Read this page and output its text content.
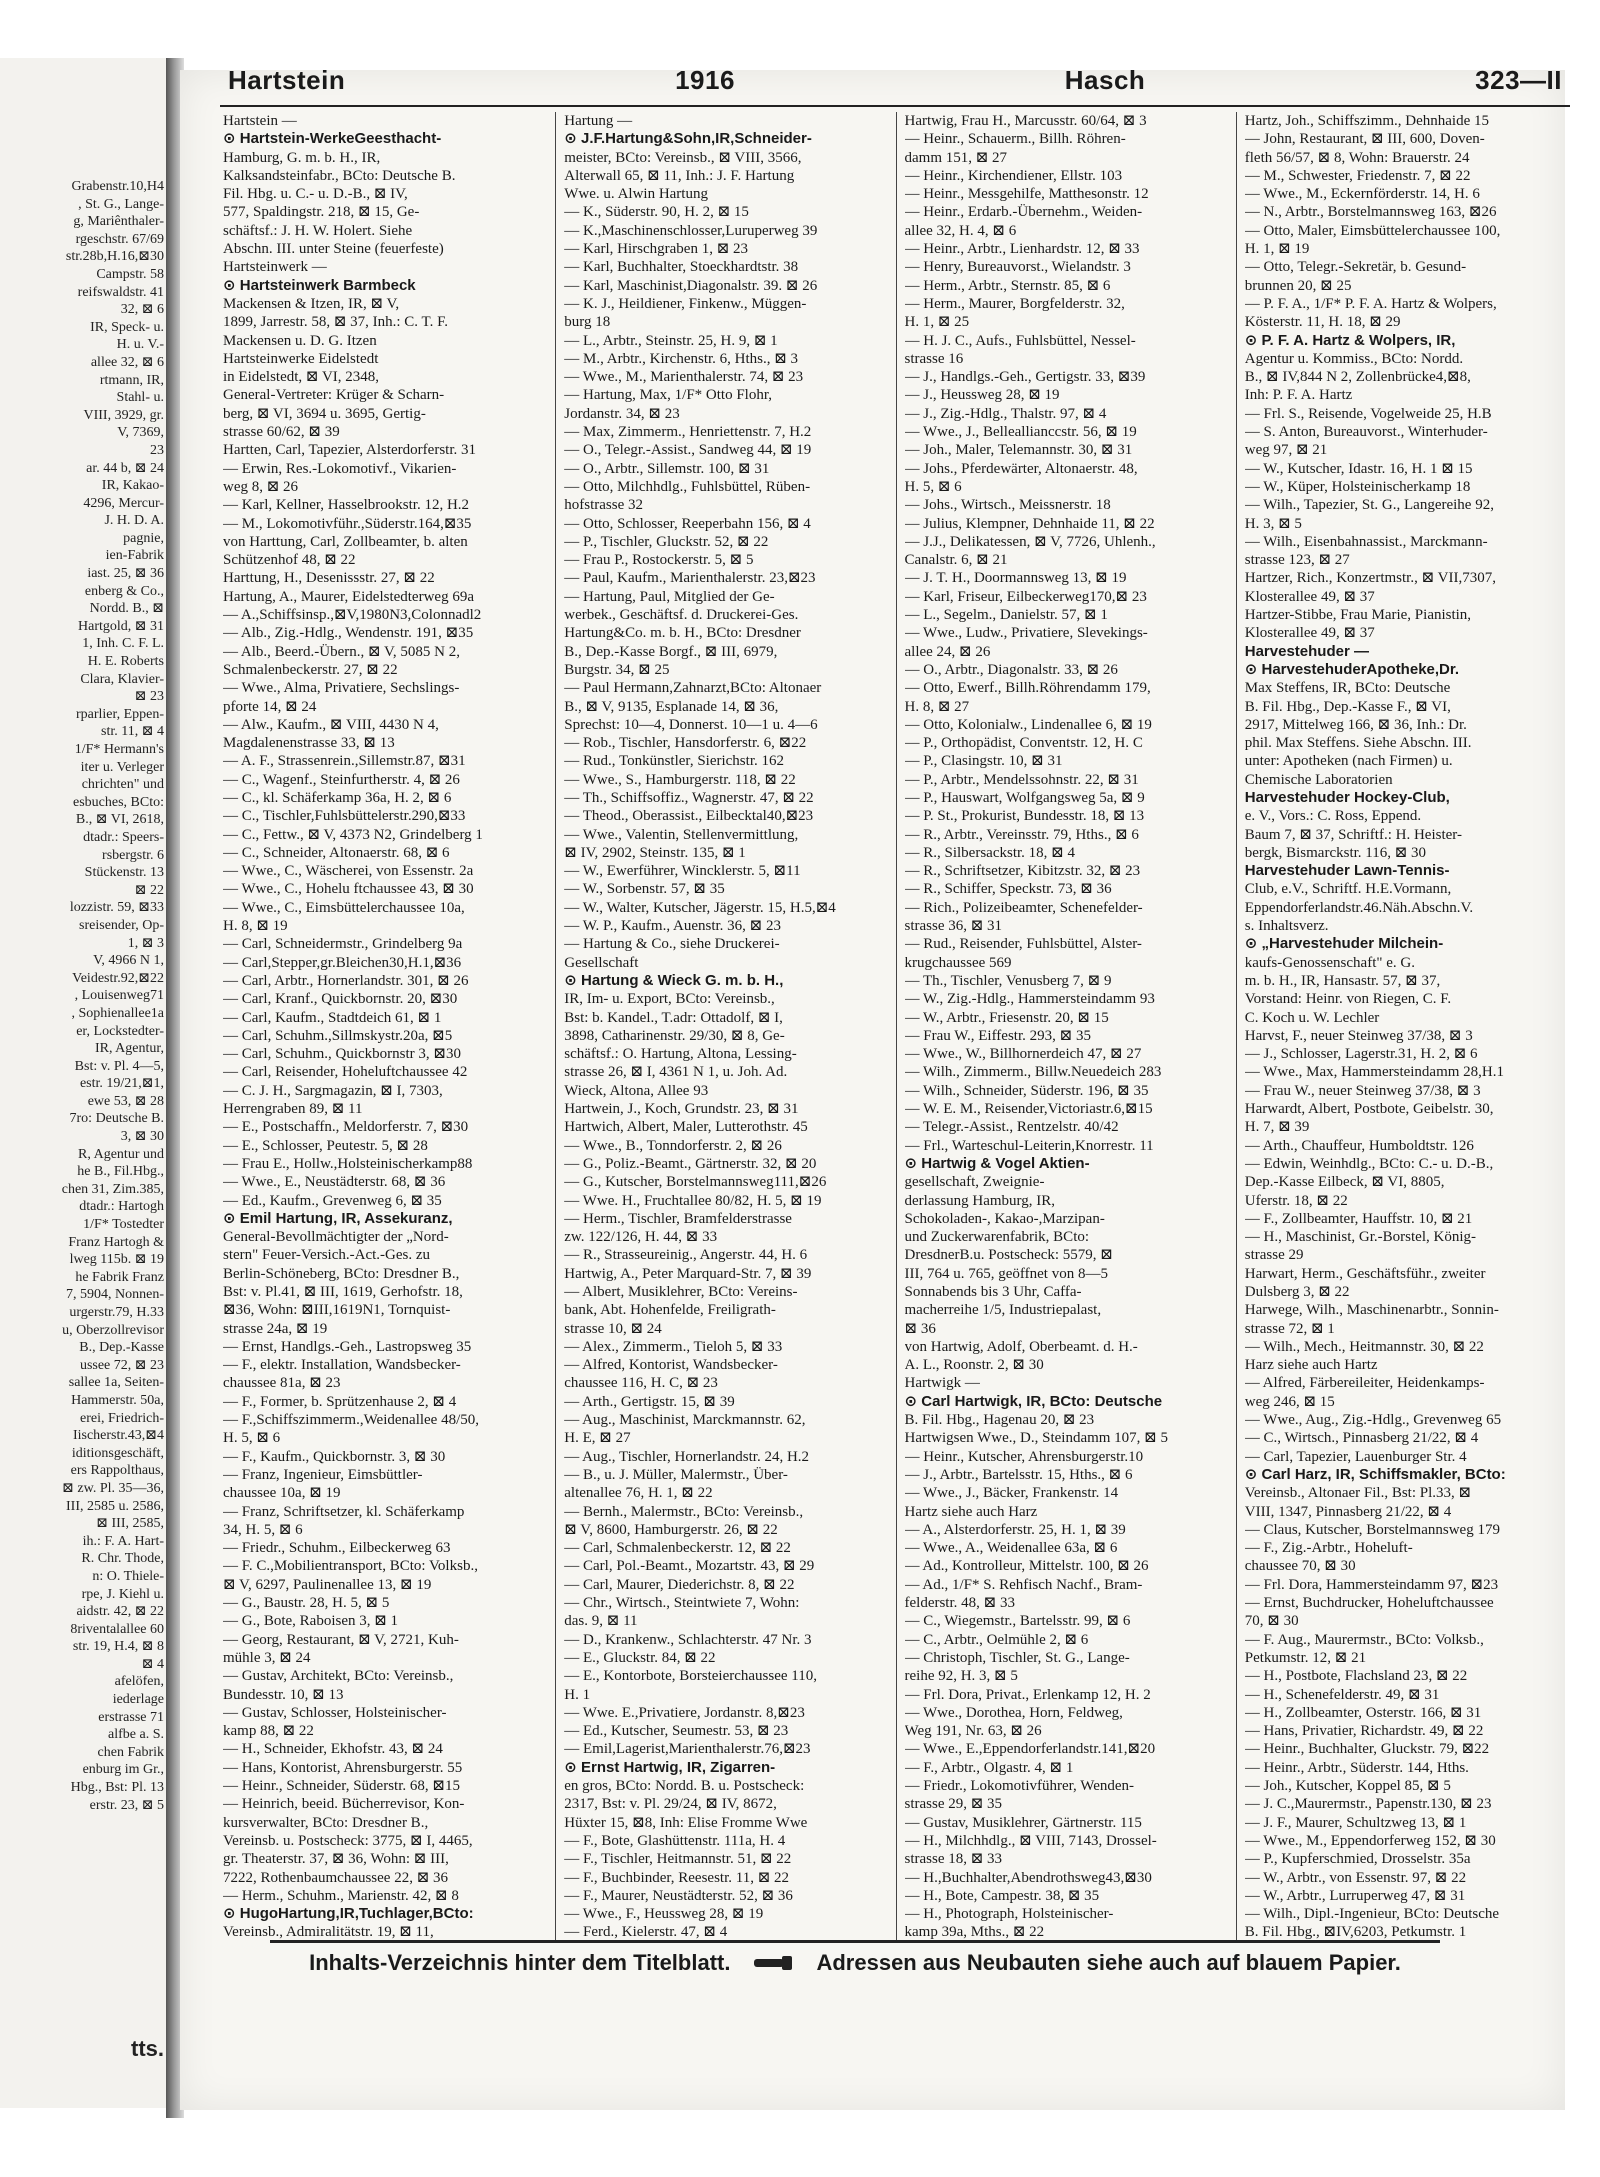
Grabenstr.10,H4
, St. G., Lange-
g, Mariênthaler-
rgeschstr. 67/69
str.28b,H.16,⊠30
Campstr. 58
reifswaldstr. 41
32, ⊠ 6
IR, Speck- u.
H. u. V.-
allee 32, ⊠ 6
rtmann, IR,
Stahl- u.
VIII, 3929, gr.
V, 7369,
23
ar. 44 b, ⊠ 24
IR, Kakao-
4296, Mercur-
J. H. D. A.
pagnie,
ien-Fabrik
iast. 25, ⊠ 36
enberg & Co.,
Nordd. B., ⊠
Hartgold, ⊠ 31
1, Inh. C. F. L.
H. E. Roberts
Clara, Klavier-
⊠ 23
rparlier, Eppen-
str. 11, ⊠ 4
1/F* Hermann's
iter u. Verleger
chrichten" und
esbuches, BCto:
B., ⊠ VI, 2618,
dtadr.: Speers-
rsbergstr. 6
Stückenstr. 13
⊠ 22
lozzistr. 59, ⊠33
sreisender, Op-
1, ⊠ 3
V, 4966 N 1,
Veidestr.92,⊠22
, Louisenweg71
, Sophienallee1a
er, Lockstedter-
IR, Agentur,
Bst: v. Pl. 4—5,
estr. 19/21,⊠1,
ewe 53, ⊠ 28
7ro: Deutsche B.
3, ⊠ 30
R, Agentur und
he B., Fil.Hbg.,
chen 31, Zim.385,
dtadr.: Hartogh
1/F* Tostedter
Franz Hartogh &
lweg 115b. ⊠ 19
he Fabrik Franz
7, 5904, Nonnen-
urgerstr.79, H.33
u, Oberzollrevisor
B., Dep.-Kasse
ussee 72, ⊠ 23
sallee 1a, Seiten-
Hammerstr. 50a,
erei, Friedrich-
Iischerstr.43,⊠4
iditionsgeschäft,
ers Rappolthaus,
⊠ zw. Pl. 35—36,
III, 2585 u. 2586,
⊠ III, 2585,
ih.: F. A. Hart-
R. Chr. Thode,
n: O. Thiele-
rpe, J. Kiehl u.
aidstr. 42, ⊠ 22
8riventalallee 60
str. 19, H.4, ⊠ 8
⊠ 4
afelöfen,
iederlage
erstrasse 71
alfbe a. S.
chen Fabrik
enburg im Gr.,
Hbg., Bst: Pl. 13
erstr. 23, ⊠ 5
tts.
Hartstein	1916	Hasch	323—II

Hartstein —

⊙ Hartstein-WerkeGeesthacht-

Hamburg, G. m. b. H., IR,

Kalksandsteinfabr., BCto: Deutsche B.

Fil. Hbg. u. C.- u. D.-B., ⊠ IV,

577, Spaldingstr. 218, ⊠ 15, Ge-

schäftsf.: J. H. W. Holert. Siehe

Abschn. III. unter Steine (feuerfeste)

Hartsteinwerk —

⊙ Hartsteinwerk Barmbeck

Mackensen & Itzen, IR, ⊠ V,

1899, Jarrestr. 58, ⊠ 37, Inh.: C. T. F.

Mackensen u. D. G. Itzen

Hartsteinwerke Eidelstedt

in Eidelstedt, ⊠ VI, 2348,

General-Vertreter: Krüger & Scharn-

berg, ⊠ VI, 3694 u. 3695, Gertig-

strasse 60/62, ⊠ 39

Hartten, Carl, Tapezier, Alsterdorferstr. 31

— Erwin, Res.-Lokomotivf., Vikarien-

weg 8, ⊠ 26

— Karl, Kellner, Hasselbrookstr. 12, H.2

— M., Lokomotivführ.,Süderstr.164,⊠35

von Harttung, Carl, Zollbeamter, b. alten

Schützenhof 48, ⊠ 22

Harttung, H., Desenissstr. 27, ⊠ 22

Hartung, A., Maurer, Eidelstedterweg 69a

— A.,Schiffsinsp.,⊠V,1980N3,Colonnadl2

— Alb., Zig.-Hdlg., Wendenstr. 191, ⊠35

— Alb., Beerd.-Übern., ⊠ V, 5085 N 2,

Schmalenbeckerstr. 27, ⊠ 22

— Wwe., Alma, Privatiere, Sechslings-

pforte 14, ⊠ 24

— Alw., Kaufm., ⊠ VIII, 4430 N 4,

Magdalenenstrasse 33, ⊠ 13

— A. F., Strassenrein.,Sillemstr.87, ⊠31

— C., Wagenf., Steinfurtherstr. 4, ⊠ 26

— C., kl. Schäferkamp 36a, H. 2, ⊠ 6

— C., Tischler,Fuhlsbüttelerstr.290,⊠33

— C., Fettw., ⊠ V, 4373 N2, Grindelberg 1

— C., Schneider, Altonaerstr. 68, ⊠ 6

— Wwe., C., Wäscherei, von Essenstr. 2a

— Wwe., C., Hohelu ftchaussee 43, ⊠ 30

— Wwe., C., Eimsbüttelerchaussee 10a,

H. 8, ⊠ 19

— Carl, Schneidermstr., Grindelberg 9a

— Carl,Stepper,gr.Bleichen30,H.1,⊠36

— Carl, Arbtr., Hornerlandstr. 301, ⊠ 26

— Carl, Kranf., Quickbornstr. 20, ⊠30

— Carl, Kaufm., Stadtdeich 61, ⊠ 1

— Carl, Schuhm.,Sillmskystr.20a, ⊠5

— Carl, Schuhm., Quickbornstr 3, ⊠30

— Carl, Reisender, Hoheluftchaussee 42

— C. J. H., Sargmagazin, ⊠ I, 7303,

Herrengraben 89, ⊠ 11

— E., Postschaffn., Meldorferstr. 7, ⊠30

— E., Schlosser, Peutestr. 5, ⊠ 28

— Frau E., Hollw.,Holsteinischerkamp88

— Wwe., E., Neustädterstr. 68, ⊠ 36

— Ed., Kaufm., Grevenweg 6, ⊠ 35

⊙ Emil Hartung, IR, Assekuranz,

General-Bevollmächtigter der „Nord-

stern" Feuer-Versich.-Act.-Ges. zu

Berlin-Schöneberg, BCto: Dresdner B.,

Bst: v. Pl.41, ⊠ III, 1619, Gerhofstr. 18,

⊠36, Wohn: ⊠III,1619N1, Tornquist-

strasse 24a, ⊠ 19

— Ernst, Handlgs.-Geh., Lastropsweg 35

— F., elektr. Installation, Wandsbecker-

chaussee 81a, ⊠ 23

— F., Former, b. Sprützenhause 2, ⊠ 4

— F.,Schiffszimmerm.,Weidenallee 48/50,

H. 5, ⊠ 6

— F., Kaufm., Quickbornstr. 3, ⊠ 30

— Franz, Ingenieur, Eimsbüttler-

chaussee 10a, ⊠ 19

— Franz, Schriftsetzer, kl. Schäferkamp

34, H. 5, ⊠ 6

— Friedr., Schuhm., Eilbeckerweg 63

— F. C.,Mobilientransport, BCto: Volksb.,

⊠ V, 6297, Paulinenallee 13, ⊠ 19

— G., Baustr. 28, H. 5, ⊠ 5

— G., Bote, Raboisen 3, ⊠ 1

— Georg, Restaurant, ⊠ V, 2721, Kuh-

mühle 3, ⊠ 24

— Gustav, Architekt, BCto: Vereinsb.,

Bundesstr. 10, ⊠ 13

— Gustav, Schlosser, Holsteinischer-

kamp 88, ⊠ 22

— H., Schneider, Ekhofstr. 43, ⊠ 24

— Hans, Kontorist, Ahrensburgerstr. 55

— Heinr., Schneider, Süderstr. 68, ⊠15

— Heinrich, beeid. Bücherrevisor, Kon-

kursverwalter, BCto: Dresdner B.,

Vereinsb. u. Postscheck: 3775, ⊠ I, 4465,

gr. Theaterstr. 37, ⊠ 36, Wohn: ⊠ III,

7222, Rothenbaumchaussee 22, ⊠ 36

— Herm., Schuhm., Marienstr. 42, ⊠ 8

⊙ HugoHartung,IR,Tuchlager,BCto:

Vereinsb., Admiralitätstr. 19, ⊠ 11,

Hartung —

⊙ J.F.Hartung&Sohn,IR,Schneider-

meister, BCto: Vereinsb., ⊠ VIII, 3566,

Alterwall 65, ⊠ 11, Inh.: J. F. Hartung

Wwe. u. Alwin Hartung

— K., Süderstr. 90, H. 2, ⊠ 15

— K.,Maschinenschlosser,Luruperweg 39

— Karl, Hirschgraben 1, ⊠ 23

— Karl, Buchhalter, Stoeckhardtstr. 38

— Karl, Maschinist,Diagonalstr. 39. ⊠ 26

— K. J., Heildiener, Finkenw., Müggen-

burg 18

— L., Arbtr., Steinstr. 25, H. 9, ⊠ 1

— M., Arbtr., Kirchenstr. 6, Hths., ⊠ 3

— Wwe., M., Marienthalerstr. 74, ⊠ 23

— Hartung, Max, 1/F* Otto Flohr,

Jordanstr. 34, ⊠ 23

— Max, Zimmerm., Henriettenstr. 7, H.2

— O., Telegr.-Assist., Sandweg 44, ⊠ 19

— O., Arbtr., Sillemstr. 100, ⊠ 31

— Otto, Milchhdlg., Fuhlsbüttel, Rüben-

hofstrasse 32

— Otto, Schlosser, Reeperbahn 156, ⊠ 4

— P., Tischler, Gluckstr. 52, ⊠ 22

— Frau P., Rostockerstr. 5, ⊠ 5

— Paul, Kaufm., Marienthalerstr. 23,⊠23

— Hartung, Paul, Mitglied der Ge-

werbek., Geschäftsf. d. Druckerei-Ges.

Hartung&Co. m. b. H., BCto: Dresdner

B., Dep.-Kasse Borgf., ⊠ III, 6979,

Burgstr. 34, ⊠ 25

— Paul Hermann,Zahnarzt,BCto: Altonaer

B., ⊠ V, 9135, Esplanade 14, ⊠ 36,

Sprechst: 10—4, Donnerst. 10—1 u. 4—6

— Rob., Tischler, Hansdorferstr. 6, ⊠22

— Rud., Tonkünstler, Sierichstr. 162

— Wwe., S., Hamburgerstr. 118, ⊠ 22

— Th., Schiffsoffiz., Wagnerstr. 47, ⊠ 22

— Theod., Oberassist., Eilbecktal40,⊠23

— Wwe., Valentin, Stellenvermittlung,

⊠ IV, 2902, Steinstr. 135, ⊠ 1

— W., Ewerführer, Wincklerstr. 5, ⊠11

— W., Sorbenstr. 57, ⊠ 35

— W., Walter, Kutscher, Jägerstr. 15, H.5,⊠4

— W. P., Kaufm., Auenstr. 36, ⊠ 23

— Hartung & Co., siehe Druckerei-

Gesellschaft

⊙ Hartung & Wieck G. m. b. H.,

IR, Im- u. Export, BCto: Vereinsb.,

Bst: b. Kandel., T.adr: Ottadolf, ⊠ I,

3898, Catharinenstr. 29/30, ⊠ 8, Ge-

schäftsf.: O. Hartung, Altona, Lessing-

strasse 26, ⊠ I, 4361 N 1, u. Joh. Ad.

Wieck, Altona, Allee 93

Hartwein, J., Koch, Grundstr. 23, ⊠ 31

Hartwich, Albert, Maler, Lutterothstr. 45

— Wwe., B., Tonndorferstr. 2, ⊠ 26

— G., Poliz.-Beamt., Gärtnerstr. 32, ⊠ 20

— G., Kutscher, Borstelmannsweg111,⊠26

— Wwe. H., Fruchtallee 80/82, H. 5, ⊠ 19

— Herm., Tischler, Bramfelderstrasse

zw. 122/126, H. 44, ⊠ 33

— R., Strasseureinig., Angerstr. 44, H. 6

Hartwig, A., Peter Marquard-Str. 7, ⊠ 39

— Albert, Musiklehrer, BCto: Vereins-

bank, Abt. Hohenfelde, Freiligrath-

strasse 10, ⊠ 24

— Alex., Zimmerm., Tieloh 5, ⊠ 33

— Alfred, Kontorist, Wandsbecker-

chaussee 116, H. C, ⊠ 23

— Arth., Gertigstr. 15, ⊠ 39

— Aug., Maschinist, Marckmannstr. 62,

H. E, ⊠ 27

— Aug., Tischler, Hornerlandstr. 24, H.2

— B., u. J. Müller, Malermstr., Über-

altenallee 76, H. 1, ⊠ 22

— Bernh., Malermstr., BCto: Vereinsb.,

⊠ V, 8600, Hamburgerstr. 26, ⊠ 22

— Carl, Schmalenbeckerstr. 12, ⊠ 22

— Carl, Pol.-Beamt., Mozartstr. 43, ⊠ 29

— Carl, Maurer, Diederichstr. 8, ⊠ 22

— Chr., Wirtsch., Steintwiete 7, Wohn:

das. 9, ⊠ 11

— D., Krankenw., Schlachterstr. 47 Nr. 3

— E., Gluckstr. 84, ⊠ 22

— E., Kontorbote, Borsteierchaussee 110,

H. 1

— Wwe. E.,Privatiere, Jordanstr. 8,⊠23

— Ed., Kutscher, Seumestr. 53, ⊠ 23

— Emil,Lagerist,Marienthalerstr.76,⊠23

⊙ Ernst Hartwig, IR, Zigarren-

en gros, BCto: Nordd. B. u. Postscheck:

2317, Bst: v. Pl. 29/24, ⊠ IV, 8672,

Hüxter 15, ⊠8, Inh: Elise Fromme Wwe

— F., Bote, Glashüttenstr. 111a, H. 4

— F., Tischler, Heitmannstr. 51, ⊠ 22

— F., Buchbinder, Reesestr. 11, ⊠ 22

— F., Maurer, Neustädterstr. 52, ⊠ 36

— Wwe., F., Heussweg 28, ⊠ 19

— Ferd., Kielerstr. 47, ⊠ 4

Hartwig, Frau H., Marcusstr. 60/64, ⊠ 3

— Heinr., Schauerm., Billh. Röhren-

damm 151, ⊠ 27

— Heinr., Kirchendiener, Ellstr. 103

— Heinr., Messgehilfe, Matthesonstr. 12

— Heinr., Erdarb.-Übernehm., Weiden-

allee 32, H. 4, ⊠ 6

— Heinr., Arbtr., Lienhardstr. 12, ⊠ 33

— Henry, Bureauvorst., Wielandstr. 3

— Herm., Arbtr., Sternstr. 85, ⊠ 6

— Herm., Maurer, Borgfelderstr. 32,

H. 1, ⊠ 25

— H. J. C., Aufs., Fuhlsbüttel, Nessel-

strasse 16

— J., Handlgs.-Geh., Gertigstr. 33, ⊠39

— J., Heussweg 28, ⊠ 19

— J., Zig.-Hdlg., Thalstr. 97, ⊠ 4

— Wwe., J., Belleallianccstr. 56, ⊠ 19

— Joh., Maler, Telemannstr. 30, ⊠ 31

— Johs., Pferdewärter, Altonaerstr. 48,

H. 5, ⊠ 6

— Johs., Wirtsch., Meissnerstr. 18

— Julius, Klempner, Dehnhaide 11, ⊠ 22

— J.J., Delikatessen, ⊠ V, 7726, Uhlenh.,

Canalstr. 6, ⊠ 21

— J. T. H., Doormannsweg 13, ⊠ 19

— Karl, Friseur, Eilbeckerweg170,⊠ 23

— L., Segelm., Danielstr. 57, ⊠ 1

— Wwe., Ludw., Privatiere, Slevekings-

allee 24, ⊠ 26

— O., Arbtr., Diagonalstr. 33, ⊠ 26

— Otto, Ewerf., Billh.Röhrendamm 179,

H. 8, ⊠ 27

— Otto, Kolonialw., Lindenallee 6, ⊠ 19

— P., Orthopädist, Conventstr. 12, H. C

— P., Clasingstr. 10, ⊠ 31

— P., Arbtr., Mendelssohnstr. 22, ⊠ 31

— P., Hauswart, Wolfgangsweg 5a, ⊠ 9

— P. St., Prokurist, Bundesstr. 18, ⊠ 13

— R., Arbtr., Vereinsstr. 79, Hths., ⊠ 6

— R., Silbersackstr. 18, ⊠ 4

— R., Schriftsetzer, Kibitzstr. 32, ⊠ 23

— R., Schiffer, Speckstr. 73, ⊠ 36

— Rich., Polizeibeamter, Schenefelder-

strasse 36, ⊠ 31

— Rud., Reisender, Fuhlsbüttel, Alster-

krugchaussee 569

— Th., Tischler, Venusberg 7, ⊠ 9

— W., Zig.-Hdlg., Hammersteindamm 93

— W., Arbtr., Friesenstr. 20, ⊠ 15

— Frau W., Eiffestr. 293, ⊠ 35

— Wwe., W., Billhornerdeich 47, ⊠ 27

— Wilh., Zimmerm., Billw.Neuedeich 283

— Wilh., Schneider, Süderstr. 196, ⊠ 35

— W. E. M., Reisender,Victoriastr.6,⊠15

— Telegr.-Assist., Rentzelstr. 40/42

— Frl., Warteschul-Leiterin,Knorrestr. 11

⊙ Hartwig & Vogel Aktien-

gesellschaft, Zweignie-

derlassung Hamburg, IR,

Schokoladen-, Kakao-,Marzipan-

und Zuckerwarenfabrik, BCto:

DresdnerB.u. Postscheck: 5579, ⊠

III, 764 u. 765, geöffnet von 8—5

Sonnabends bis 3 Uhr, Caffa-

macherreihe 1/5, Industriepalast,

⊠ 36

von Hartwig, Adolf, Oberbeamt. d. H.-

A. L., Roonstr. 2, ⊠ 30

Hartwigk —

⊙ Carl Hartwigk, IR, BCto: Deutsche

B. Fil. Hbg., Hagenau 20, ⊠ 23

Hartwigsen Wwe., D., Steindamm 107, ⊠ 5

— Heinr., Kutscher, Ahrensburgerstr.10

— J., Arbtr., Bartelsstr. 15, Hths., ⊠ 6

— Wwe., J., Bäcker, Frankenstr. 14

Hartz siehe auch Harz

— A., Alsterdorferstr. 25, H. 1, ⊠ 39

— Wwe., A., Weidenallee 63a, ⊠ 6

— Ad., Kontrolleur, Mittelstr. 100, ⊠ 26

— Ad., 1/F* S. Rehfisch Nachf., Bram-

felderstr. 48, ⊠ 33

— C., Wiegemstr., Bartelsstr. 99, ⊠ 6

— C., Arbtr., Oelmühle 2, ⊠ 6

— Christoph, Tischler, St. G., Lange-

reihe 92, H. 3, ⊠ 5

— Frl. Dora, Privat., Erlenkamp 12, H. 2

— Wwe., Dorothea, Horn, Feldweg,

Weg 191, Nr. 63, ⊠ 26

— Wwe., E.,Eppendorferlandstr.141,⊠20

— F., Arbtr., Olgastr. 4, ⊠ 1

— Friedr., Lokomotivführer, Wenden-

strasse 29, ⊠ 35

— Gustav, Musiklehrer, Gärtnerstr. 115

— H., Milchhdlg., ⊠ VIII, 7143, Drossel-

strasse 18, ⊠ 33

— H.,Buchhalter,Abendrothsweg43,⊠30

— H., Bote, Campestr. 38, ⊠ 35

— H., Photograph, Holsteinischer-

kamp 39a, Mths., ⊠ 22

Hartz, Joh., Schiffszimm., Dehnhaide 15

— John, Restaurant, ⊠ III, 600, Doven-

fleth 56/57, ⊠ 8, Wohn: Brauerstr. 24

— M., Schwester, Friedenstr. 7, ⊠ 22

— Wwe., M., Eckernförderstr. 14, H. 6

— N., Arbtr., Borstelmannsweg 163, ⊠26

— Otto, Maler, Eimsbüttelerchaussee 100,

H. 1, ⊠ 19

— Otto, Telegr.-Sekretär, b. Gesund-

brunnen 20, ⊠ 25

— P. F. A., 1/F* P. F. A. Hartz & Wolpers,

Kösterstr. 11, H. 18, ⊠ 29

⊙ P. F. A. Hartz & Wolpers, IR,

Agentur u. Kommiss., BCto: Nordd.

B., ⊠ IV,844 N 2, Zollenbrücke4,⊠8,

Inh: P. F. A. Hartz

— Frl. S., Reisende, Vogelweide 25, H.B

— S. Anton, Bureauvorst., Winterhuder-

weg 97, ⊠ 21

— W., Kutscher, Idastr. 16, H. 1 ⊠ 15

— W., Küper, Holsteinischerkamp 18

— Wilh., Tapezier, St. G., Langereihe 92,

H. 3, ⊠ 5

— Wilh., Eisenbahnassist., Marckmann-

strasse 123, ⊠ 27

Hartzer, Rich., Konzertmstr., ⊠ VII,7307,

Klosterallee 49, ⊠ 37

Hartzer-Stibbe, Frau Marie, Pianistin,

Klosterallee 49, ⊠ 37

Harvestehuder —

⊙ HarvestehuderApotheke,Dr.

Max Steffens, IR, BCto: Deutsche

B. Fil. Hbg., Dep.-Kasse F., ⊠ VI,

2917, Mittelweg 166, ⊠ 36, Inh.: Dr.

phil. Max Steffens. Siehe Abschn. III.

unter: Apotheken (nach Firmen) u.

Chemische Laboratorien

Harvestehuder Hockey-Club,

e. V., Vors.: C. Ross, Eppend.

Baum 7, ⊠ 37, Schriftf.: H. Heister-

bergk, Bismarckstr. 116, ⊠ 30

Harvestehuder Lawn-Tennis-

Club, e.V., Schriftf. H.E.Vormann,

Eppendorferlandstr.46.Näh.Abschn.V.

s. Inhaltsverz.

⊙ „Harvestehuder Milchein-

kaufs-Genossenschaft" e. G.

m. b. H., IR, Hansastr. 57, ⊠ 37,

Vorstand: Heinr. von Riegen, C. F.

C. Koch u. W. Lechler

Harvst, F., neuer Steinweg 37/38, ⊠ 3

— J., Schlosser, Lagerstr.31, H. 2, ⊠ 6

— Wwe., Max, Hammersteindamm 28,H.1

— Frau W., neuer Steinweg 37/38, ⊠ 3

Harwardt, Albert, Postbote, Geibelstr. 30,

H. 7, ⊠ 39

— Arth., Chauffeur, Humboldtstr. 126

— Edwin, Weinhdlg., BCto: C.- u. D.-B.,

Dep.-Kasse Eilbeck, ⊠ VI, 8805,

Uferstr. 18, ⊠ 22

— F., Zollbeamter, Hauffstr. 10, ⊠ 21

— H., Maschinist, Gr.-Borstel, König-

strasse 29

Harwart, Herm., Geschäftsführ., zweiter

Dulsberg 3, ⊠ 22

Harwege, Wilh., Maschinenarbtr., Sonnin-

strasse 72, ⊠ 1

— Wilh., Mech., Heitmannstr. 30, ⊠ 22

Harz siehe auch Hartz

— Alfred, Färbereileiter, Heidenkamps-

weg 246, ⊠ 15

— Wwe., Aug., Zig.-Hdlg., Grevenweg 65

— C., Wirtsch., Pinnasberg 21/22, ⊠ 4

— Carl, Tapezier, Lauenburger Str. 4

⊙ Carl Harz, IR, Schiffsmakler, BCto:

Vereinsb., Altonaer Fil., Bst: Pl.33, ⊠

VIII, 1347, Pinnasberg 21/22, ⊠ 4

— Claus, Kutscher, Borstelmannsweg 179

— F., Zig.-Arbtr., Hoheluft-

chaussee 70, ⊠ 30

— Frl. Dora, Hammersteindamm 97, ⊠23

— Ernst, Buchdrucker, Hoheluftchaussee

70, ⊠ 30

— F. Aug., Maurermstr., BCto: Volksb.,

Petkumstr. 12, ⊠ 21

— H., Postbote, Flachsland 23, ⊠ 22

— H., Schenefelderstr. 49, ⊠ 31

— H., Zollbeamter, Osterstr. 166, ⊠ 31

— Hans, Privatier, Richardstr. 49, ⊠ 22

— Heinr., Buchhalter, Gluckstr. 79, ⊠22

— Heinr., Arbtr., Süderstr. 144, Hths.

— Joh., Kutscher, Koppel 85, ⊠ 5

— J. C.,Maurermstr., Papenstr.130, ⊠ 23

— J. F., Maurer, Schultzweg 13, ⊠ 1

— Wwe., M., Eppendorferweg 152, ⊠ 30

— P., Kupferschmied, Drosselstr. 35a

— W., Arbtr., von Essenstr. 97, ⊠ 22

— W., Arbtr., Lurruperweg 47, ⊠ 31

— Wilh., Dipl.-Ingenieur, BCto: Deutsche

B. Fil. Hbg., ⊠IV,6203, Petkumstr. 1

Inhalts-Verzeichnis hinter dem Titelblatt.	Adressen aus Neubauten siehe auch auf blauem Papier.
